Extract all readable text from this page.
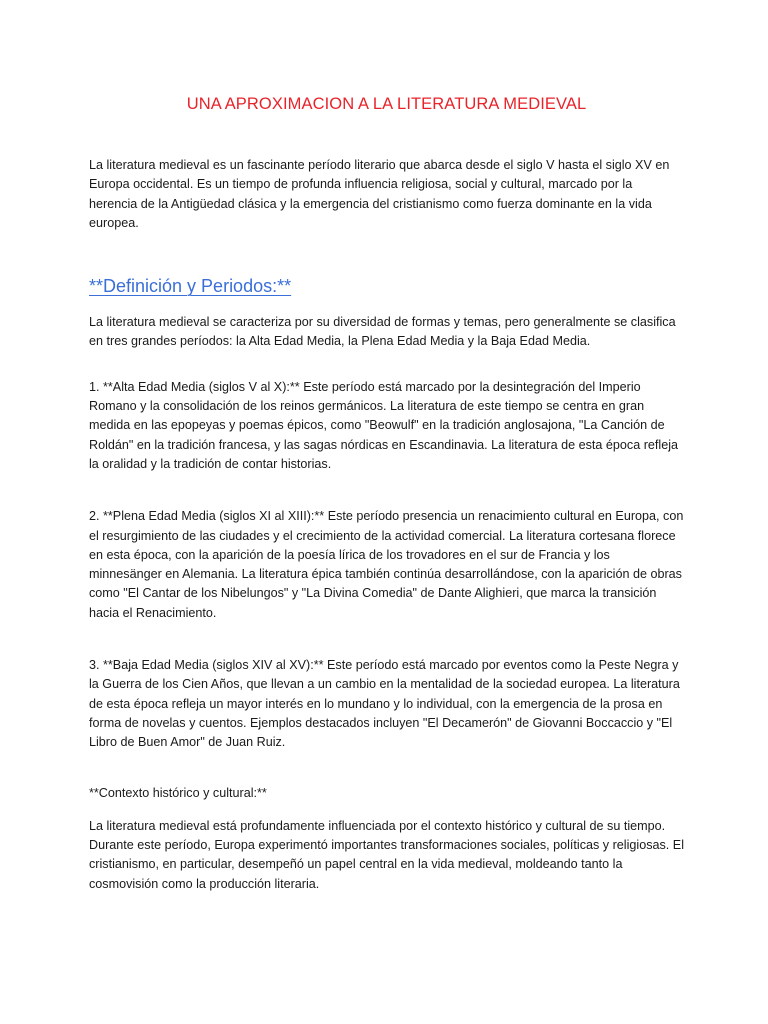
UNA APROXIMACION A LA LITERATURA MEDIEVAL

La literatura medieval es un fascinante período literario que abarca desde el siglo V hasta el siglo XV en Europa occidental. Es un tiempo de profunda influencia religiosa, social y cultural, marcado por la herencia de la Antigüedad clásica y la emergencia del cristianismo como fuerza dominante en la vida europea.

**Definición y Periodos:**

La literatura medieval se caracteriza por su diversidad de formas y temas, pero generalmente se clasifica en tres grandes períodos: la Alta Edad Media, la Plena Edad Media y la Baja Edad Media.

1. **Alta Edad Media (siglos V al X):** Este período está marcado por la desintegración del Imperio Romano y la consolidación de los reinos germánicos. La literatura de este tiempo se centra en gran medida en las epopeyas y poemas épicos, como "Beowulf" en la tradición anglosajona, "La Canción de Roldán" en la tradición francesa, y las sagas nórdicas en Escandinavia. La literatura de esta época refleja la oralidad y la tradición de contar historias.

2. **Plena Edad Media (siglos XI al XIII):** Este período presencia un renacimiento cultural en Europa, con el resurgimiento de las ciudades y el crecimiento de la actividad comercial. La literatura cortesana florece en esta época, con la aparición de la poesía lírica de los trovadores en el sur de Francia y los minnesänger en Alemania. La literatura épica también continúa desarrollándose, con la aparición de obras como "El Cantar de los Nibelungos" y "La Divina Comedia" de Dante Alighieri, que marca la transición hacia el Renacimiento.

3. **Baja Edad Media (siglos XIV al XV):** Este período está marcado por eventos como la Peste Negra y la Guerra de los Cien Años, que llevan a un cambio en la mentalidad de la sociedad europea. La literatura de esta época refleja un mayor interés en lo mundano y lo individual, con la emergencia de la prosa en forma de novelas y cuentos. Ejemplos destacados incluyen "El Decamerón" de Giovanni Boccaccio y "El Libro de Buen Amor" de Juan Ruiz.

**Contexto histórico y cultural:**

La literatura medieval está profundamente influenciada por el contexto histórico y cultural de su tiempo. Durante este período, Europa experimentó importantes transformaciones sociales, políticas y religiosas. El cristianismo, en particular, desempeñó un papel central en la vida medieval, moldeando tanto la cosmovisión como la producción literaria.
